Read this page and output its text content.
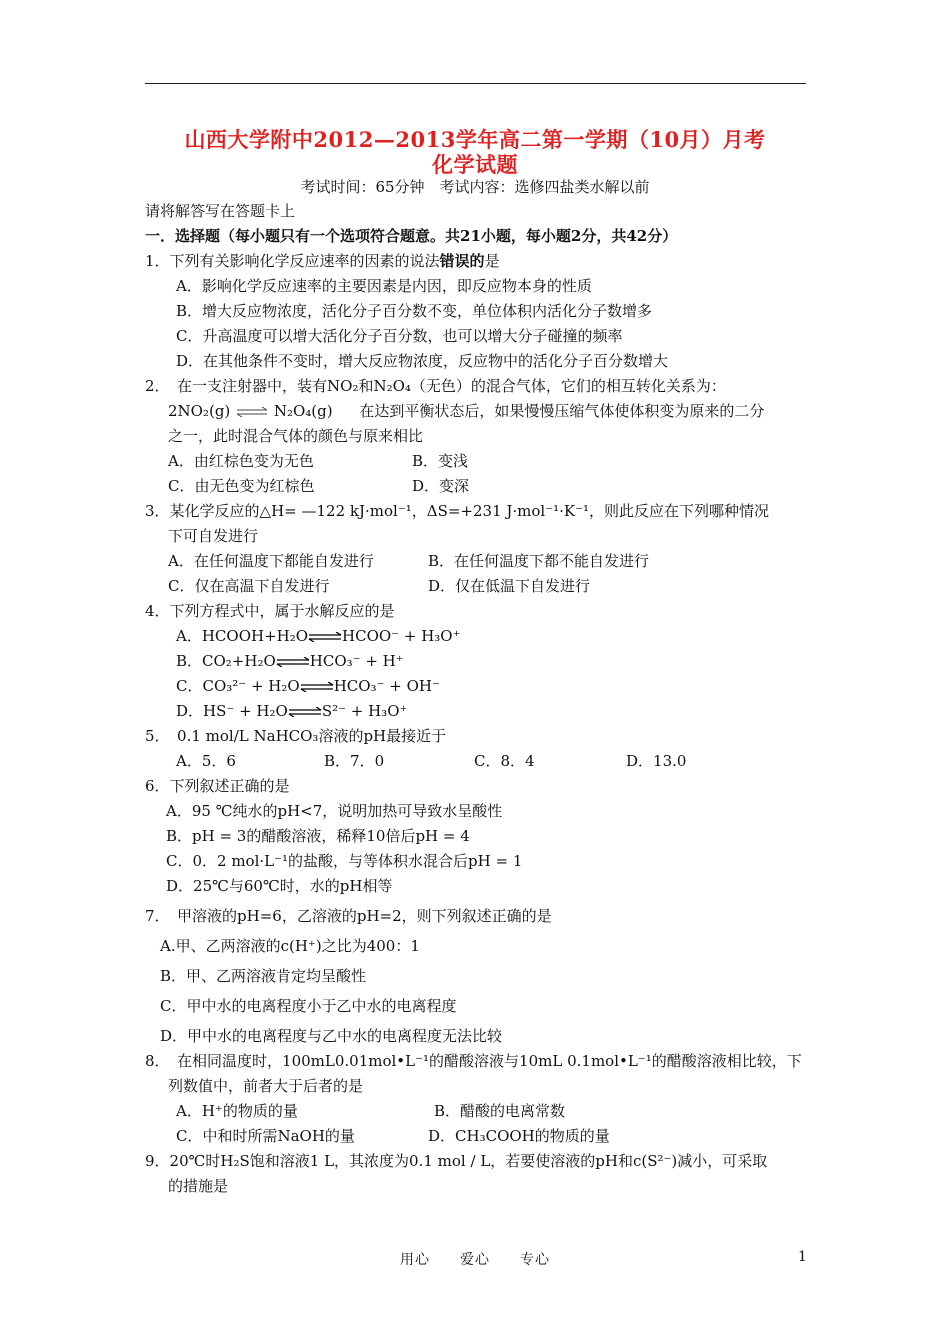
山西大学附中2012—2013学年高二第一学期（10月）月考
化学试题
考试时间：65分钟　考试内容：选修四盐类水解以前
请将解答写在答题卡上
一．选择题（每小题只有一个选项符合题意。共21小题，每小题2分，共42分）
1．下列有关影响化学反应速率的因素的说法错误的是
A．影响化学反应速率的主要因素是内因，即反应物本身的性质
B．增大反应物浓度，活化分子百分数不变，单位体积内活化分子数增多
C．升高温度可以增大活化分子百分数，也可以增大分子碰撞的频率
D．在其他条件不变时，增大反应物浓度，反应物中的活化分子百分数增大
2．　在一支注射器中，装有NO₂和N₂O₄（无色）的混合气体，它们的相互转化关系为：
2NO₂(g) ⇌ N₂O₄(g) 在达到平衡状态后，如果慢慢压缩气体使体积变为原来的二分
之一，此时混合气体的颜色与原来相比
A．由红棕色变为无色	B．变浅
C．由无色变为红棕色	D．变深
3．某化学反应的△H= —122 kJ·mol⁻¹，ΔS=+231 J·mol⁻¹·K⁻¹，则此反应在下列哪种情况
下可自发进行
A．在任何温度下都能自发进行	B．在任何温度下都不能自发进行
C．仅在高温下自发进行	D．仅在低温下自发进行
4．下列方程式中，属于水解反应的是
A．HCOOH+H₂O⇌HCOO⁻ + H₃O⁺
B．CO₂+H₂O⇌HCO₃⁻ + H⁺
C．CO₃²⁻ + H₂O⇌HCO₃⁻ + OH⁻
D．HS⁻ + H₂O⇌S²⁻ + H₃O⁺
5．　0.1 mol/L NaHCO₃溶液的pH最接近于
A．5．6	B．7．0	C．8．4	D．13.0
6．下列叙述正确的是
A．95 ℃纯水的pH<7，说明加热可导致水呈酸性
B．pH = 3的醋酸溶液，稀释10倍后pH = 4
C．0．2 mol·L⁻¹的盐酸，与等体积水混合后pH = 1
D．25℃与60℃时，水的pH相等
7．　甲溶液的pH=6，乙溶液的pH=2，则下列叙述正确的是
A.甲、乙两溶液的c(H⁺)之比为400：1
B．甲、乙两溶液肯定均呈酸性
C．甲中水的电离程度小于乙中水的电离程度
D．甲中水的电离程度与乙中水的电离程度无法比较
8．　在相同温度时，100mL0.01mol•L⁻¹的醋酸溶液与10mL 0.1mol•L⁻¹的醋酸溶液相比较，下
列数值中，前者大于后者的是
A．H⁺的物质的量	B．醋酸的电离常数
C．中和时所需NaOH的量	D．CH₃COOH的物质的量
9．20℃时H₂S饱和溶液1 L，其浓度为0.1 mol / L，若要使溶液的pH和c(S²⁻)减小，可采取
的措施是
用心　　爱心　　专心	1
